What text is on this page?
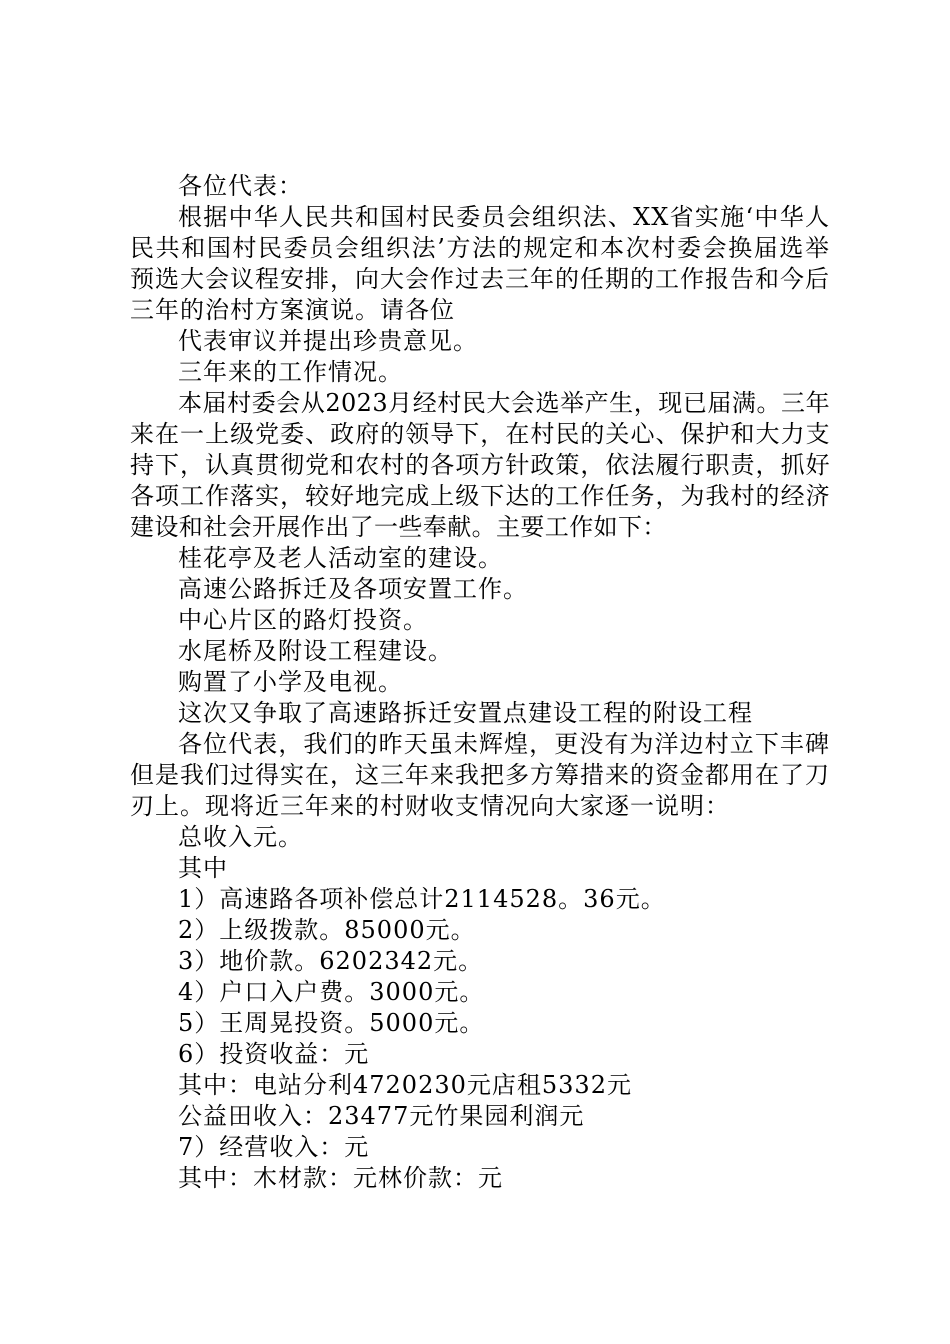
各位代表：

根据中华人民共和国村民委员会组织法、XX省实施‘中华人民共和国村民委员会组织法’方法的规定和本次村委会换届选举预选大会议程安排，向大会作过去三年的任期的工作报告和今后三年的治村方案演说。请各位

代表审议并提出珍贵意见。

三年来的工作情况。

本届村委会从2023月经村民大会选举产生，现已届满。三年来在一上级党委、政府的领导下，在村民的关心、保护和大力支持下，认真贯彻党和农村的各项方针政策，依法履行职责，抓好各项工作落实，较好地完成上级下达的工作任务，为我村的经济建设和社会开展作出了一些奉献。主要工作如下：

桂花亭及老人活动室的建设。

高速公路拆迁及各项安置工作。

中心片区的路灯投资。

水尾桥及附设工程建设。

购置了小学及电视。

这次又争取了高速路拆迁安置点建设工程的附设工程

各位代表，我们的昨天虽未辉煌，更没有为洋边村立下丰碑但是我们过得实在，这三年来我把多方筹措来的资金都用在了刀刃上。现将近三年来的村财收支情况向大家逐一说明：

总收入元。

其中

1）高速路各项补偿总计2114528。36元。

2）上级拨款。85000元。

3）地价款。6202342元。

4）户口入户费。3000元。

5）王周晃投资。5000元。

6）投资收益：元

其中：电站分利4720230元店租5332元

公益田收入：23477元竹果园利润元

7）经营收入：元

其中：木材款：元林价款：元
